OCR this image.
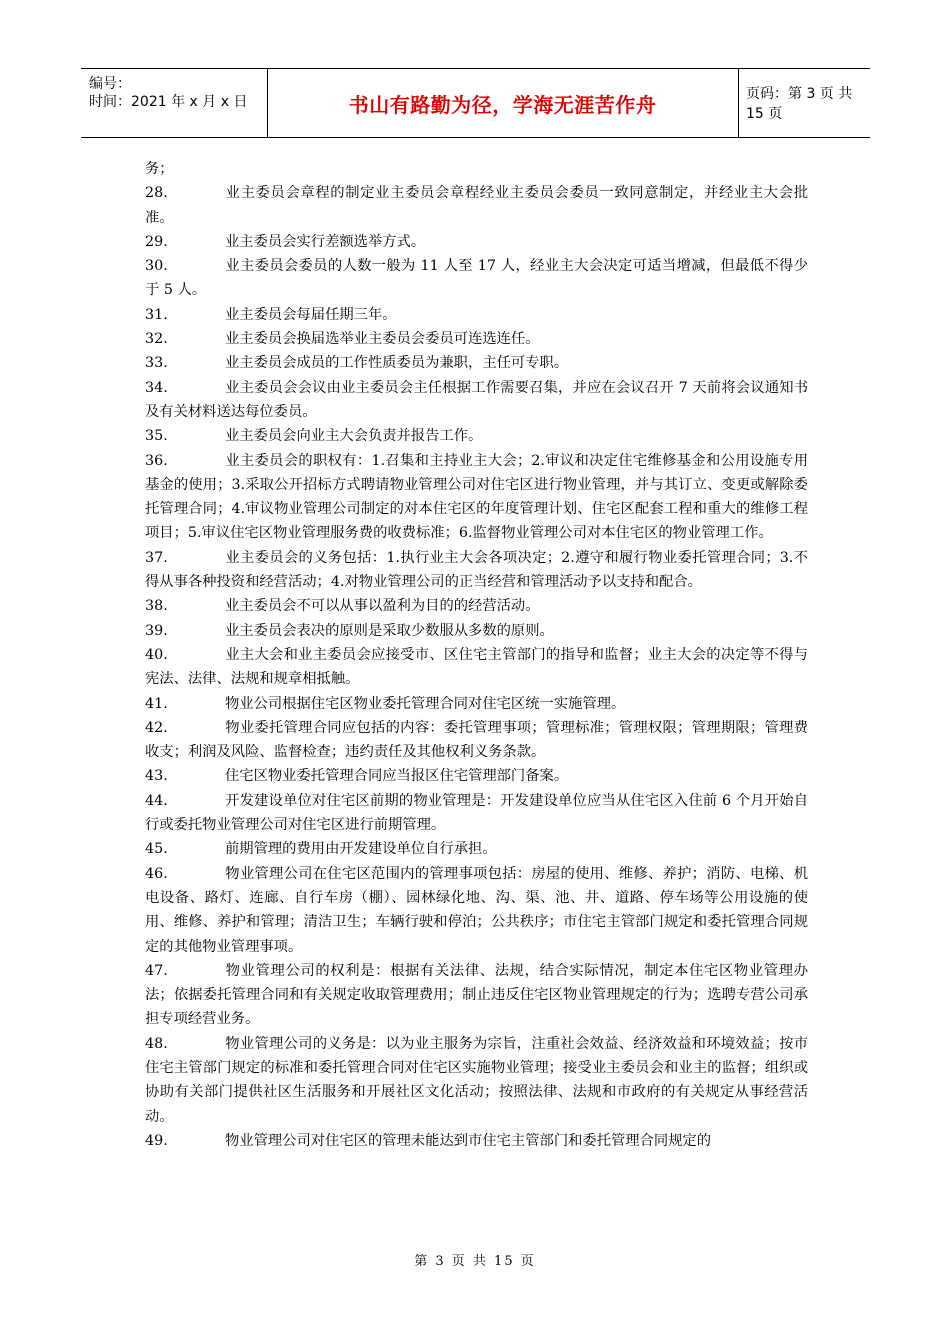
编号：
时间：2021 年 x 月 x 日	书山有路勤为径，学海无涯苦作舟	页码：第 3 页 共 15 页

务；

28.	业主委员会章程的制定业主委员会章程经业主委员会委员一致同意制定，并经业主大会批准。

29.	业主委员会实行差额选举方式。

30.	业主委员会委员的人数一般为 11 人至 17 人，经业主大会决定可适当增减，但最低不得少于 5 人。

31.	业主委员会每届任期三年。

32.	业主委员会换届选举业主委员会委员可连选连任。

33.	业主委员会成员的工作性质委员为兼职，主任可专职。

34.	业主委员会会议由业主委员会主任根据工作需要召集，并应在会议召开 7 天前将会议通知书及有关材料送达每位委员。

35.	业主委员会向业主大会负责并报告工作。

36.	业主委员会的职权有：1.召集和主持业主大会；2.审议和决定住宅维修基金和公用设施专用基金的使用；3.采取公开招标方式聘请物业管理公司对住宅区进行物业管理，并与其订立、变更或解除委托管理合同；4.审议物业管理公司制定的对本住宅区的年度管理计划、住宅区配套工程和重大的维修工程项目；5.审议住宅区物业管理服务费的收费标准；6.监督物业管理公司对本住宅区的物业管理工作。

37.	业主委员会的义务包括：1.执行业主大会各项决定；2.遵守和履行物业委托管理合同；3.不得从事各种投资和经营活动；4.对物业管理公司的正当经营和管理活动予以支持和配合。

38.	业主委员会不可以从事以盈利为目的的经营活动。

39.	业主委员会表决的原则是采取少数服从多数的原则。

40.	业主大会和业主委员会应接受市、区住宅主管部门的指导和监督；业主大会的决定等不得与宪法、法律、法规和规章相抵触。

41.	物业公司根据住宅区物业委托管理合同对住宅区统一实施管理。

42.	物业委托管理合同应包括的内容：委托管理事项；管理标准；管理权限；管理期限；管理费收支；利润及风险、监督检查；违约责任及其他权利义务条款。

43.	住宅区物业委托管理合同应当报区住宅管理部门备案。

44.	开发建设单位对住宅区前期的物业管理是：开发建设单位应当从住宅区入住前 6 个月开始自行或委托物业管理公司对住宅区进行前期管理。

45.	前期管理的费用由开发建设单位自行承担。

46.	物业管理公司在住宅区范围内的管理事项包括：房屋的使用、维修、养护；消防、电梯、机电设备、路灯、连廊、自行车房（棚）、园林绿化地、沟、渠、池、井、道路、停车场等公用设施的使用、维修、养护和管理；清洁卫生；车辆行驶和停泊；公共秩序；市住宅主管部门规定和委托管理合同规定的其他物业管理事项。

47.	物业管理公司的权利是：根据有关法律、法规，结合实际情况，制定本住宅区物业管理办法；依据委托管理合同和有关规定收取管理费用；制止违反住宅区物业管理规定的行为；选聘专营公司承担专项经营业务。

48.	物业管理公司的义务是：以为业主服务为宗旨，注重社会效益、经济效益和环境效益；按市住宅主管部门规定的标准和委托管理合同对住宅区实施物业管理；接受业主委员会和业主的监督；组织或协助有关部门提供社区生活服务和开展社区文化活动；按照法律、法规和市政府的有关规定从事经营活动。

49.	物业管理公司对住宅区的管理未能达到市住宅主管部门和委托管理合同规定的

第 3 页 共 15 页
